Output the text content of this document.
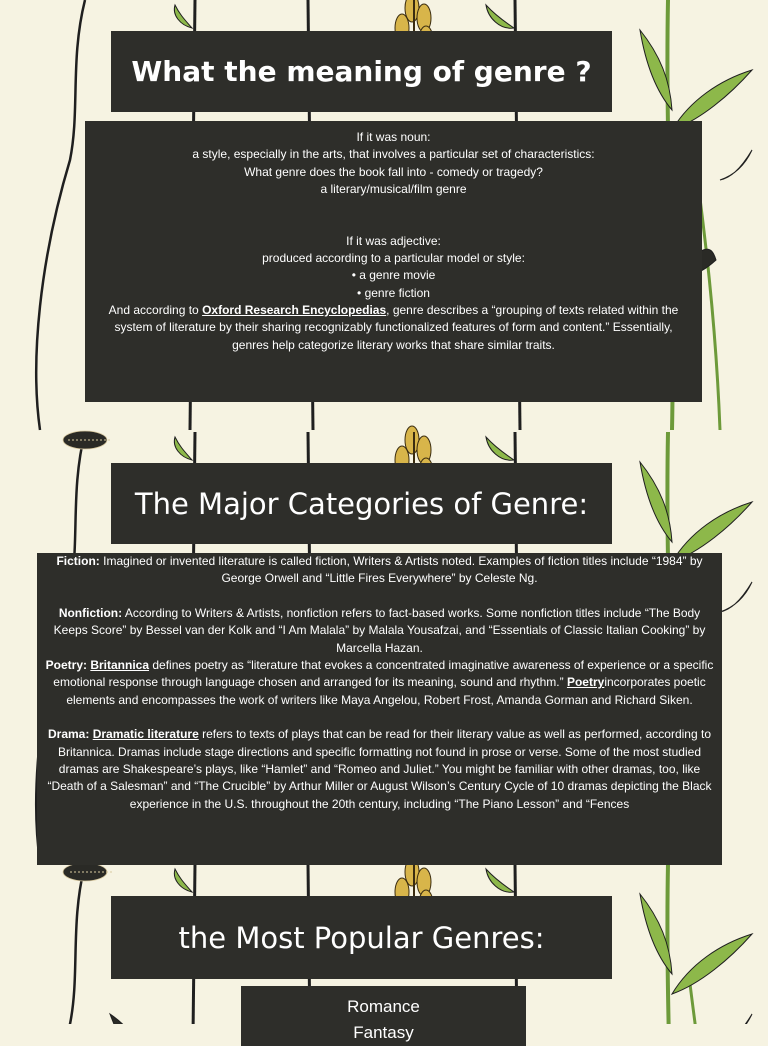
What the meaning of genre ?
If it was noun:
a style, especially in the arts, that involves a particular set of characteristics:
What genre does the book fall into - comedy or tragedy?
a literary/musical/film genre
If it was adjective:
produced according to a particular model or style:
• a genre movie
• genre fiction
And according to Oxford Research Encyclopedias, genre describes a “grouping of texts related within the system of literature by their sharing recognizably functionalized features of form and content.” Essentially, genres help categorize literary works that share similar traits.
The Major Categories of Genre:

Fiction: Imagined or invented literature is called fiction, Writers & Artists noted. Examples of fiction titles include “1984” by George Orwell and “Little Fires Everywhere” by Celeste Ng.

Nonfiction: According to Writers & Artists, nonfiction refers to fact-based works. Some nonfiction titles include “The Body Keeps Score” by Bessel van der Kolk and “I Am Malala” by Malala Yousafzai, and “Essentials of Classic Italian Cooking” by Marcella Hazan.

Poetry: Britannica defines poetry as “literature that evokes a concentrated imaginative awareness of experience or a specific emotional response through language chosen and arranged for its meaning, sound and rhythm.” Poetryincorporates poetic elements and encompasses the work of writers like Maya Angelou, Robert Frost, Amanda Gorman and Richard Siken.

Drama: Dramatic literature refers to texts of plays that can be read for their literary value as well as performed, according to Britannica. Dramas include stage directions and specific formatting not found in prose or verse. Some of the most studied dramas are Shakespeare’s plays, like “Hamlet” and “Romeo and Juliet.” You might be familiar with other dramas, too, like “Death of a Salesman” and “The Crucible” by Arthur Miller or August Wilson’s Century Cycle of 10 dramas depicting the Black experience in the U.S. throughout the 20th century, including “The Piano Lesson” and “Fences

the Most Popular Genres:
Romance
Fantasy
